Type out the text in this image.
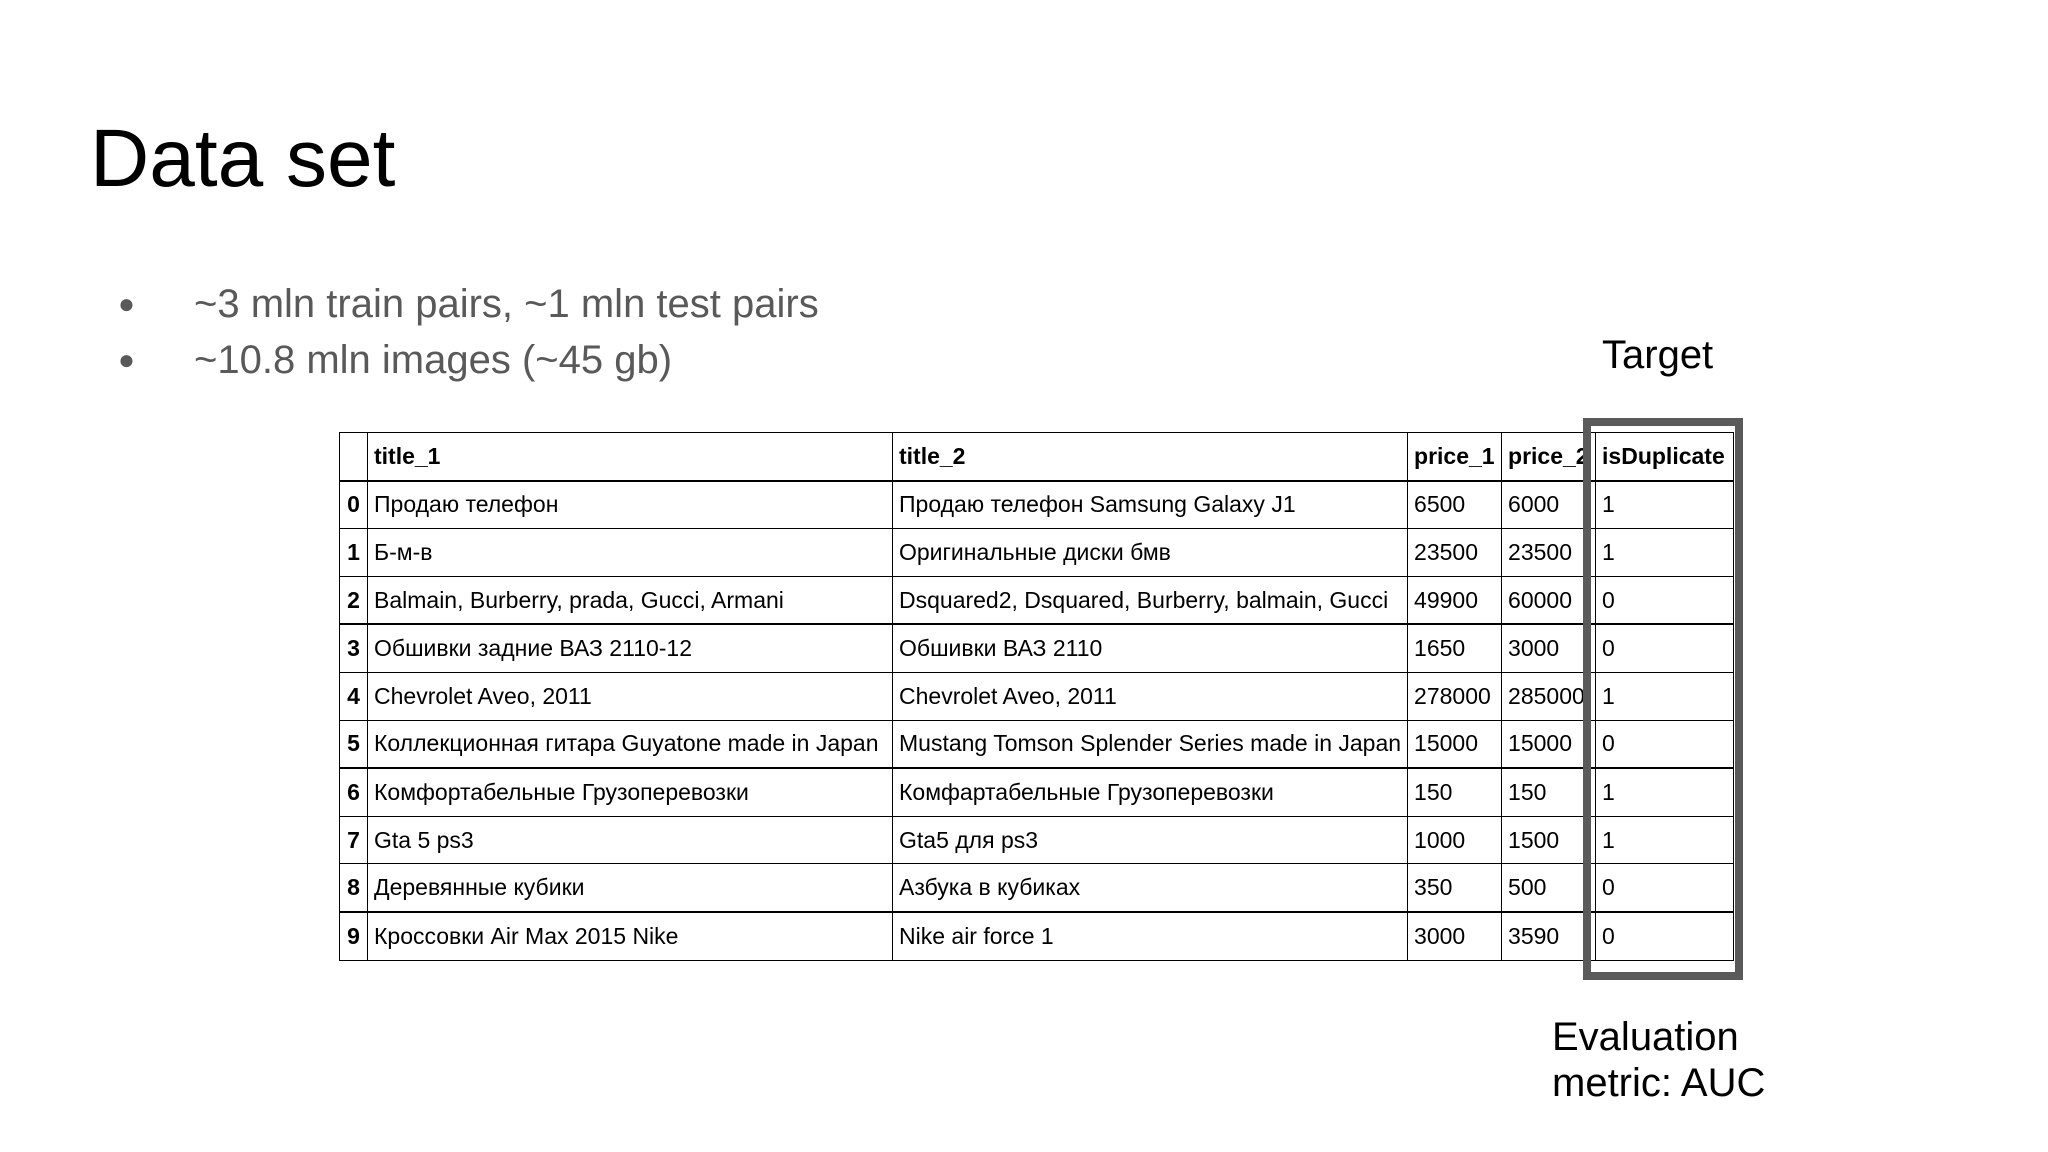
Data set
●	~3 mln train pairs, ~1 mln test pairs
●	~10.8 mln images (~45 gb)	Target
	title_1	title_2	price_1	price_2	isDuplicate
0	Продаю телефон	Продаю телефон Samsung Galaxy J1	6500	6000	1
1	Б-м-в	Оригинальные диски бмв	23500	23500	1
2	Balmain, Burberry, prada, Gucci, Armani	Dsquared2, Dsquared, Burberry, balmain, Gucci	49900	60000	0
3	Обшивки задние ВАЗ 2110-12	Обшивки ВАЗ 2110	1650	3000	0
4	Chevrolet Aveo, 2011	Chevrolet Aveo, 2011	278000	285000	1
5	Коллекционная гитара Guyatone made in Japan	Mustang Tomson Splender Series made in Japan	15000	15000	0
6	Комфортабельные Грузоперевозки	Комфартабельные Грузоперевозки	150	150	1
7	Gta 5 ps3	Gta5 для ps3	1000	1500	1
8	Деревянные кубики	Азбука в кубиках	350	500	0
9	Кроссовки Air Max 2015 Nike	Nike air force 1	3000	3590	0
Evaluation
metric: AUC
